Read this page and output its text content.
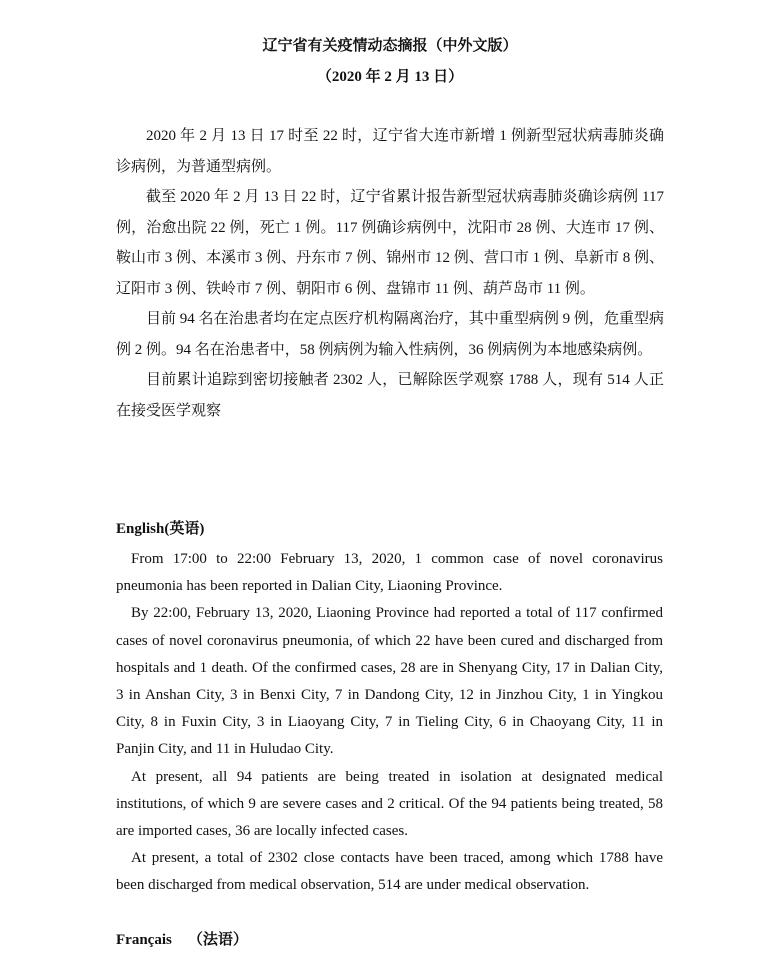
辽宁省有关疫情动态摘报（中外文版）
（2020 年 2 月 13 日）

2020 年 2 月 13 日 17 时至 22 时，辽宁省大连市新增 1 例新型冠状病毒肺炎确诊病例，为普通型病例。

截至 2020 年 2 月 13 日 22 时，辽宁省累计报告新型冠状病毒肺炎确诊病例 117 例，治愈出院 22 例，死亡 1 例。117 例确诊病例中，沈阳市 28 例、大连市 17 例、鞍山市 3 例、本溪市 3 例、丹东市 7 例、锦州市 12 例、营口市 1 例、阜新市 8 例、辽阳市 3 例、铁岭市 7 例、朝阳市 6 例、盘锦市 11 例、葫芦岛市 11 例。

目前 94 名在治患者均在定点医疗机构隔离治疗，其中重型病例 9 例，危重型病例 2 例。94 名在治患者中，58 例病例为输入性病例，36 例病例为本地感染病例。

目前累计追踪到密切接触者 2302 人，已解除医学观察 1788 人，现有 514 人正在接受医学观察

English(英语)

From 17:00 to 22:00 February 13, 2020, 1 common case of novel coronavirus pneumonia has been reported in Dalian City, Liaoning Province.

By 22:00, February 13, 2020, Liaoning Province had reported a total of 117 confirmed cases of novel coronavirus pneumonia, of which 22 have been cured and discharged from hospitals and 1 death. Of the confirmed cases, 28 are in Shenyang City, 17 in Dalian City, 3 in Anshan City, 3 in Benxi City, 7 in Dandong City, 12 in Jinzhou City, 1 in Yingkou City, 8 in Fuxin City, 3 in Liaoyang City, 7 in Tieling City, 6 in Chaoyang City, 11 in Panjin City, and 11 in Huludao City.

At present, all 94 patients are being treated in isolation at designated medical institutions, of which 9 are severe cases and 2 critical. Of the 94 patients being treated, 58 are imported cases, 36 are locally infected cases.

At present, a total of 2302 close contacts have been traced, among which 1788 have been discharged from medical observation, 514 are under medical observation.

Français （法语）
